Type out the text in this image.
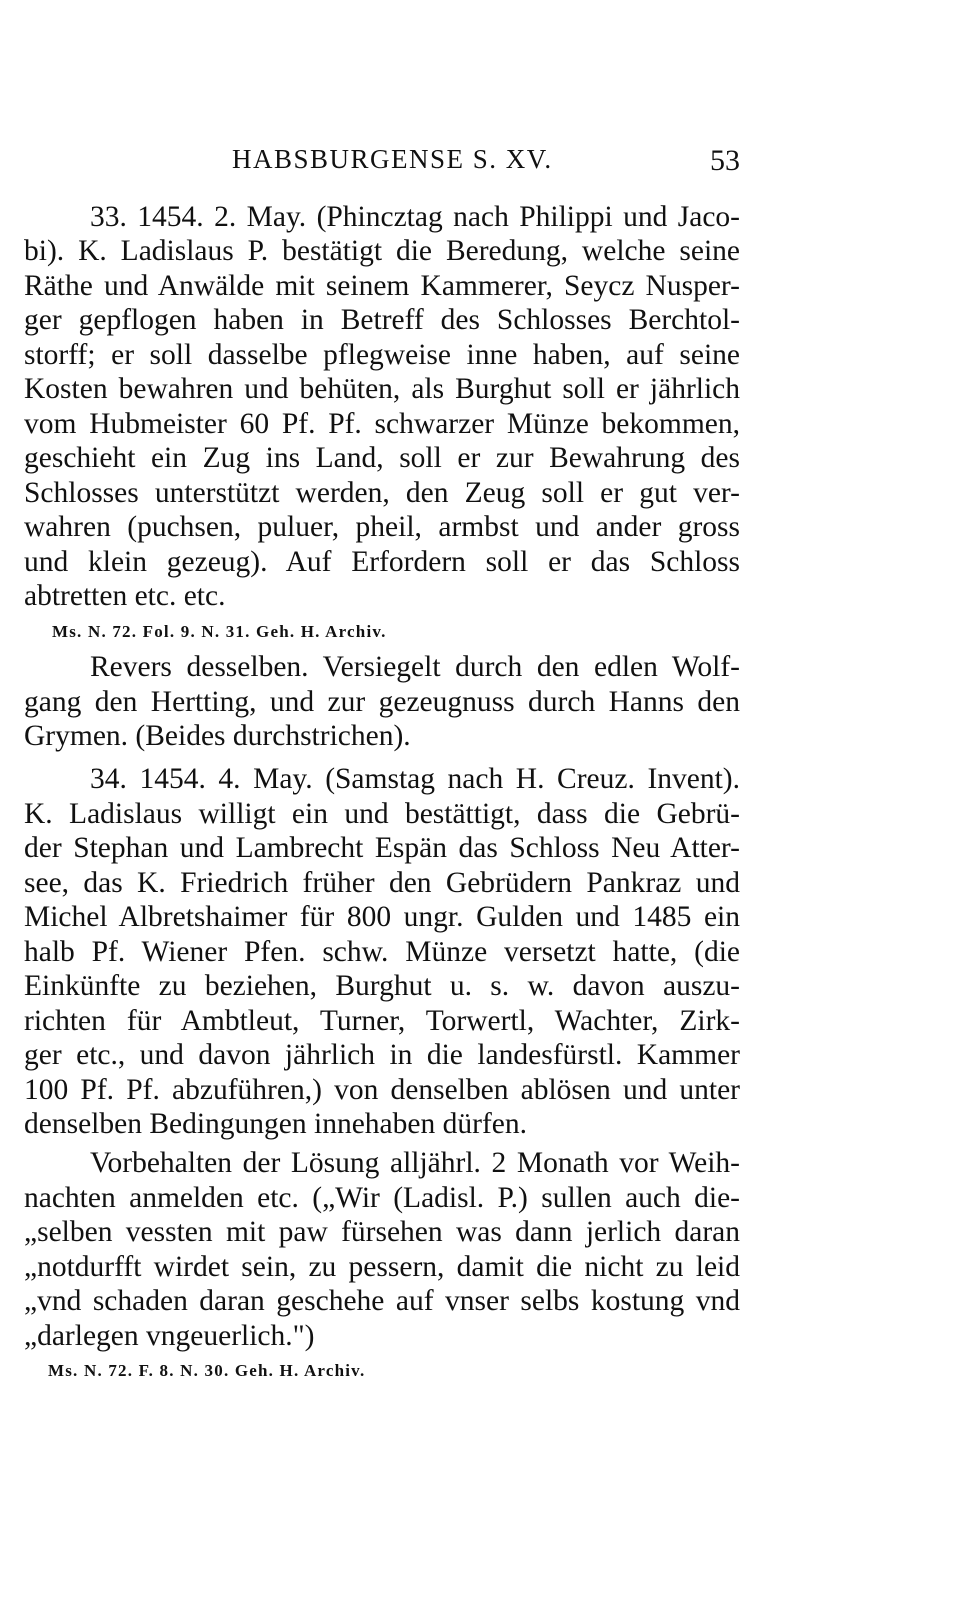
HABSBURGENSE S. XV.	53
33. 1454. 2. May. (Phincztag nach Philippi und Jaco-
bi). K. Ladislaus P. bestätigt die Beredung, welche seine
Räthe und Anwälde mit seinem Kammerer, Seycz Nusper-
ger gepflogen haben in Betreff des Schlosses Berchtol-
storff; er soll dasselbe pflegweise inne haben, auf seine
Kosten bewahren und behüten, als Burghut soll er jährlich
vom Hubmeister 60 Pf. Pf. schwarzer Münze bekommen,
geschieht ein Zug ins Land, soll er zur Bewahrung des
Schlosses unterstützt werden, den Zeug soll er gut ver-
wahren (puchsen, puluer, pheil, armbst und ander gross
und klein gezeug). Auf Erfordern soll er das Schloss
abtretten etc. etc.
Ms. N. 72. Fol. 9. N. 31. Geh. H. Archiv.
Revers desselben. Versiegelt durch den edlen Wolf-
gang den Hertting, und zur gezeugnuss durch Hanns den
Grymen. (Beides durchstrichen).
34. 1454. 4. May. (Samstag nach H. Creuz. Invent).
K. Ladislaus willigt ein und bestättigt, dass die Gebrü-
der Stephan und Lambrecht Espän das Schloss Neu Atter-
see, das K. Friedrich früher den Gebrüdern Pankraz und
Michel Albretshaimer für 800 ungr. Gulden und 1485 ein
halb Pf. Wiener Pfen. schw. Münze versetzt hatte, (die
Einkünfte zu beziehen, Burghut u. s. w. davon auszu-
richten für Ambtleut, Turner, Torwertl, Wachter, Zirk-
ger etc., und davon jährlich in die landesfürstl. Kammer
100 Pf. Pf. abzuführen,) von denselben ablösen und unter
denselben Bedingungen innehaben dürfen.
Vorbehalten der Lösung alljährl. 2 Monath vor Weih-
nachten anmelden etc. („Wir (Ladisl. P.) sullen auch die-
„selben vessten mit paw fürsehen was dann jerlich daran
„notdurfft wirdet sein, zu pessern, damit die nicht zu leid
„vnd schaden daran geschehe auf vnser selbs kostung vnd
„darlegen vngeuerlich.")
Ms. N. 72. F. 8. N. 30. Geh. H. Archiv.
